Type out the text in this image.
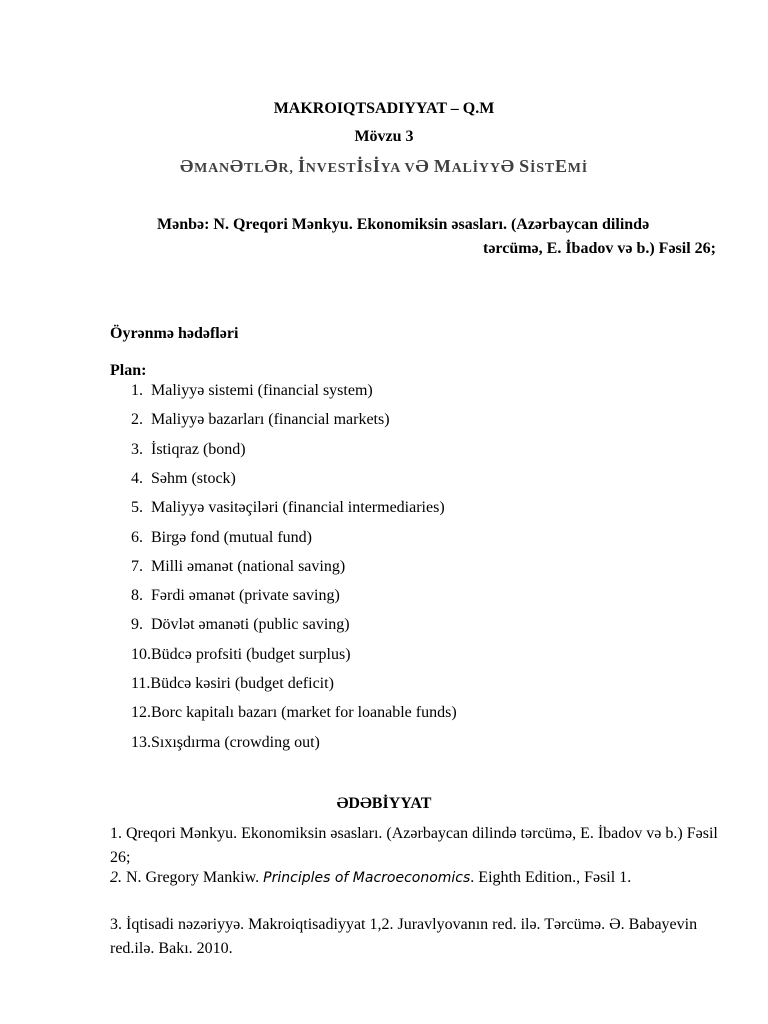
MAKROIQTSADIYYAT – Q.M
Mövzu 3
ƏMANƏTLƏR, İNVESTİSİYA VƏ MALİYYƏ SİSTEMİ
Mənbə: N. Qreqori Mənkyu. Ekonomiksin əsasları. (Azərbaycan dilində
tərcümə, E. İbadov və b.) Fəsil 26;
Öyrənmə hədəfləri
Plan:
1. Maliyyə sistemi (financial system)
2. Maliyyə bazarları (financial markets)
3. İstiqraz (bond)
4. Səhm (stock)
5. Maliyyə vasitəçiləri (financial intermediaries)
6. Birgə fond (mutual fund)
7. Milli əmanət (national saving)
8. Fərdi əmanət (private saving)
9. Dövlət əmanəti (public saving)
10.Büdcə profsiti (budget surplus)
11.Büdcə kəsiri (budget deficit)
12.Borc kapitalı bazarı (market for loanable funds)
13.Sıxışdırma (crowding out)
ƏDƏBİYYAT
1. Qreqori Mənkyu. Ekonomiksin əsasları. (Azərbaycan dilində tərcümə, E. İbadov və b.) Fəsil 26;
2. N. Gregory Mankiw. Principles of Macroeconomics. Eighth Edition., Fəsil 1.
3. İqtisadi nəzəriyyə. Makroiqtisadiyyat 1,2. Juravlyovanın red. ilə. Tərcümə. Ə. Babayevin red.ilə. Bakı. 2010.
